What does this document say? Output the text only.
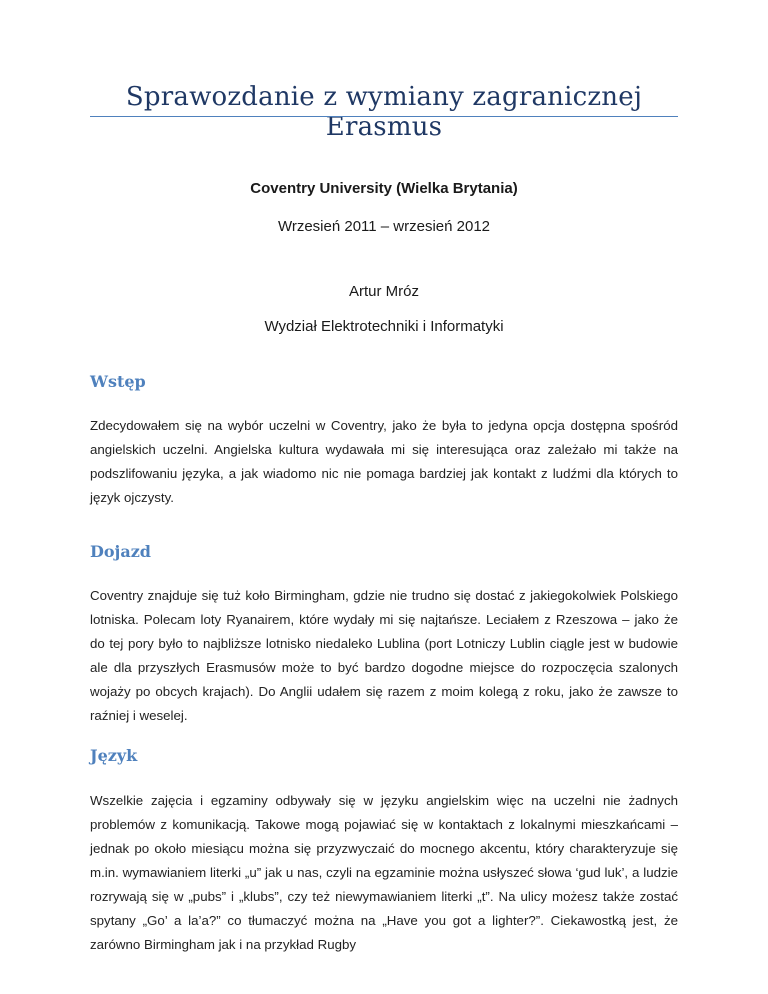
Sprawozdanie z wymiany zagranicznej Erasmus

Coventry University (Wielka Brytania)

Wrzesień 2011 – wrzesień 2012

Artur Mróz

Wydział Elektrotechniki i Informatyki

Wstęp

Zdecydowałem się na wybór uczelni w Coventry, jako że była to jedyna opcja dostępna spośród angielskich uczelni. Angielska kultura wydawała mi się interesująca oraz zależało mi także na podszlifowaniu języka, a jak wiadomo nic nie pomaga bardziej jak kontakt z ludźmi dla których to język ojczysty.

Dojazd

Coventry znajduje się tuż koło Birmingham, gdzie nie trudno się dostać z jakiegokolwiek Polskiego lotniska. Polecam loty Ryanairem, które wydały mi się najtańsze. Leciałem z Rzeszowa – jako że do tej pory było to najbliższe lotnisko niedaleko Lublina (port Lotniczy Lublin ciągle jest w budowie ale dla przyszłych Erasmusów może to być bardzo dogodne miejsce do rozpoczęcia szalonych wojaży po obcych krajach). Do Anglii udałem się razem z moim kolegą z roku, jako że zawsze to raźniej i weselej.

Język

Wszelkie zajęcia i egzaminy odbywały się w języku angielskim więc na uczelni nie żadnych problemów z komunikacją. Takowe mogą pojawiać się w kontaktach z lokalnymi mieszkańcami – jednak po około miesiącu można się przyzwyczaić do mocnego akcentu, który charakteryzuje się m.in. wymawianiem literki „u” jak u nas, czyli na egzaminie można usłyszeć słowa ‘gud luk’, a ludzie rozrywają się w „pubs” i „klubs”, czy też niewymawianiem literki „t”. Na ulicy możesz także zostać spytany „Go’ a la’a?” co tłumaczyć można na „Have you got a lighter?”. Ciekawostką jest, że zarówno Birmingham jak i na przykład Rugby
